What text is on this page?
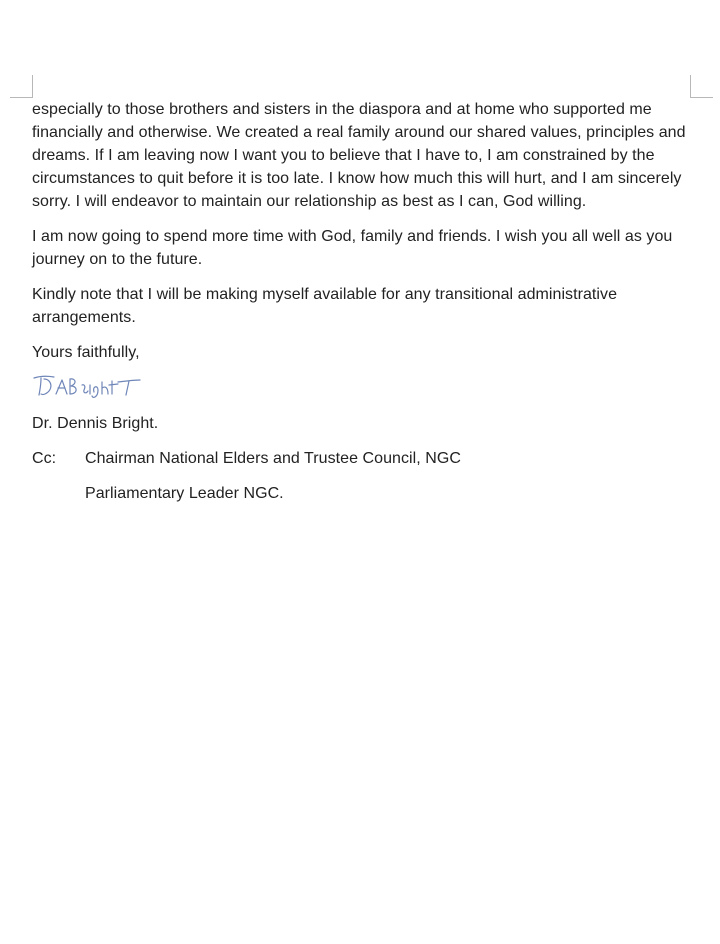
especially to those brothers and sisters in the diaspora and at home who supported me financially and otherwise. We created a real family around our shared values, principles and dreams. If I am leaving now I want you to believe that I have to, I am constrained by the circumstances to quit before it is too late. I know how much this will hurt, and I am sincerely sorry. I will endeavor to maintain our relationship as best as I can, God willing.

I am now going to spend more time with God, family and friends. I wish you all well as you journey on to the future.

Kindly note that I will be making myself available for any transitional administrative arrangements.

Yours faithfully,

Dr. Dennis Bright.

Cc:	Chairman National Elders and Trustee Council, NGC

Parliamentary Leader NGC.
